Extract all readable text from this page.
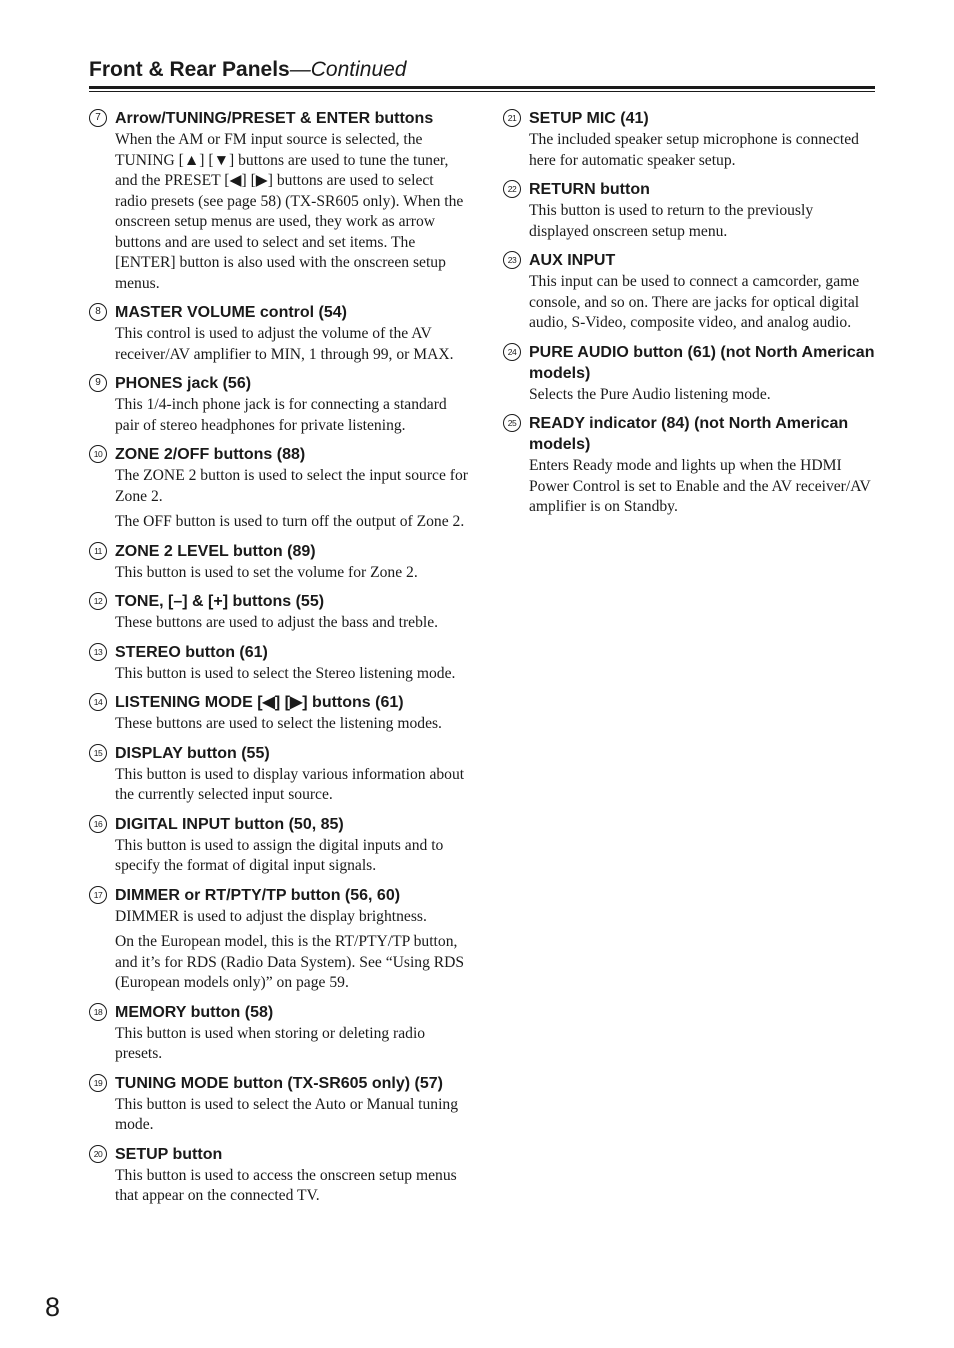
Front & Rear Panels—Continued
7 Arrow/TUNING/PRESET & ENTER buttons

When the AM or FM input source is selected, the TUNING [▲] [▼] buttons are used to tune the tuner, and the PRESET [◀] [▶] buttons are used to select radio presets (see page 58) (TX-SR605 only). When the onscreen setup menus are used, they work as arrow buttons and are used to select and set items. The [ENTER] button is also used with the onscreen setup menus.

8 MASTER VOLUME control (54)

This control is used to adjust the volume of the AV receiver/AV amplifier to MIN, 1 through 99, or MAX.

9 PHONES jack (56)

This 1/4-inch phone jack is for connecting a standard pair of stereo headphones for private listening.

10 ZONE 2/OFF buttons (88)

The ZONE 2 button is used to select the input source for Zone 2.

The OFF button is used to turn off the output of Zone 2.

11 ZONE 2 LEVEL button (89)

This button is used to set the volume for Zone 2.

12 TONE, [–] & [+] buttons (55)

These buttons are used to adjust the bass and treble.

13 STEREO button (61)

This button is used to select the Stereo listening mode.

14 LISTENING MODE [◀] [▶] buttons (61)

These buttons are used to select the listening modes.

15 DISPLAY button (55)

This button is used to display various information about the currently selected input source.

16 DIGITAL INPUT button (50, 85)

This button is used to assign the digital inputs and to specify the format of digital input signals.

17 DIMMER or RT/PTY/TP button (56, 60)

DIMMER is used to adjust the display brightness.

On the European model, this is the RT/PTY/TP button, and it’s for RDS (Radio Data System). See “Using RDS (European models only)” on page 59.

18 MEMORY button (58)

This button is used when storing or deleting radio presets.

19 TUNING MODE button (TX-SR605 only) (57)

This button is used to select the Auto or Manual tuning mode.

20 SETUP button

This button is used to access the onscreen setup menus that appear on the connected TV.

21 SETUP MIC (41)

The included speaker setup microphone is connected here for automatic speaker setup.

22 RETURN button

This button is used to return to the previously displayed onscreen setup menu.

23 AUX INPUT

This input can be used to connect a camcorder, game console, and so on. There are jacks for optical digital audio, S-Video, composite video, and analog audio.

24 PURE AUDIO button (61) (not North American models)

Selects the Pure Audio listening mode.

25 READY indicator (84) (not North American models)

Enters Ready mode and lights up when the HDMI Power Control is set to Enable and the AV receiver/AV amplifier is on Standby.

8
